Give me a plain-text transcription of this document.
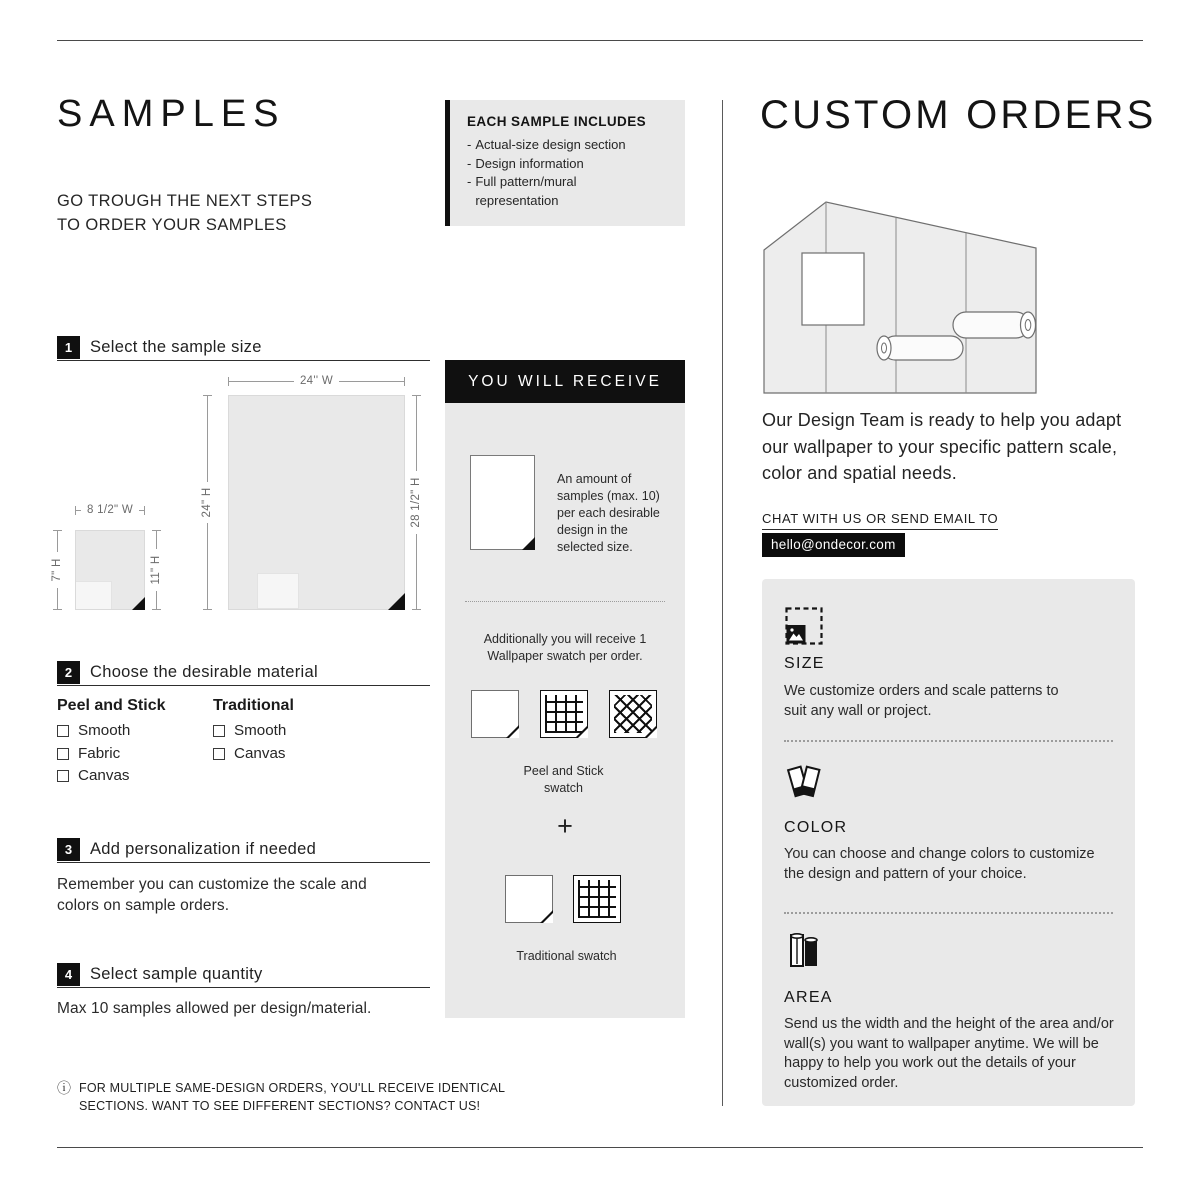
SAMPLES
GO TROUGH THE NEXT STEPS
TO ORDER YOUR SAMPLES
1	Select the sample size
24'' W
24" H	28 1/2" H
8 1/2" W
7" H	11" H
2	Choose the desirable material
Peel and Stick
Smooth
Fabric
Canvas
Traditional
Smooth
Canvas
3	Add personalization if needed
Remember you can customize the scale and colors on sample orders.
4	Select sample quantity
Max 10 samples allowed per design/material.
ⓘ FOR MULTIPLE SAME-DESIGN ORDERS, YOU'LL RECEIVE IDENTICAL SECTIONS. WANT TO SEE DIFFERENT SECTIONS? CONTACT US!
EACH SAMPLE INCLUDES
- Actual-size design section
- Design information
- Full pattern/mural representation
YOU WILL RECEIVE
An amount of samples (max. 10) per each desirable design in the selected size.
Additionally you will receive 1 Wallpaper swatch per order.
Peel and Stick swatch
+
Traditional swatch
CUSTOM ORDERS
Our Design Team is ready to help you adapt our wallpaper to your specific pattern scale, color and spatial needs.
CHAT WITH US OR SEND EMAIL TO
hello@ondecor.com
SIZE
We customize orders and scale patterns to suit any wall or project.
COLOR
You can choose and change colors to customize the design and pattern of your choice.
AREA
Send us the width and the height of the area and/or wall(s) you want to wallpaper anytime. We will be happy to help you work out the details of your customized order.
